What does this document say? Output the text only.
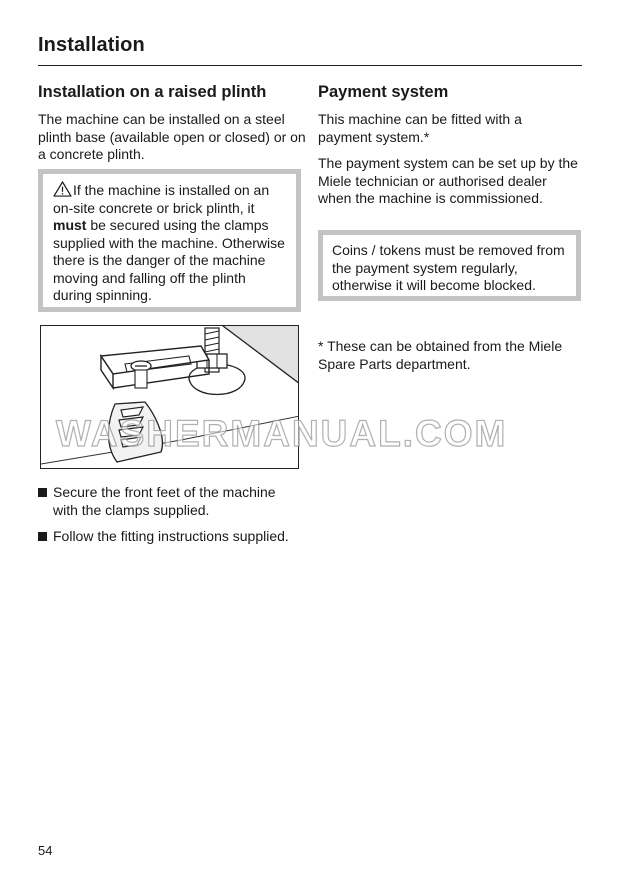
Installation
Installation on a raised plinth
The machine can be installed on a steel plinth base (available open or closed) or on a concrete plinth.
If the machine is installed on an on-site concrete or brick plinth, it must be secured using the clamps supplied with the machine. Otherwise there is the danger of the machine moving and falling off the plinth during spinning.
Secure the front feet of the machine with the clamps supplied.
Follow the fitting instructions supplied.
Payment system
This machine can be fitted with a payment system.*
The payment system can be set up by the Miele technician or authorised dealer when the machine is commissioned.
Coins / tokens must be removed from the payment system regularly, otherwise it will become blocked.
* These can be obtained from the Miele Spare Parts department.
WASHERMANUAL.COM
54
